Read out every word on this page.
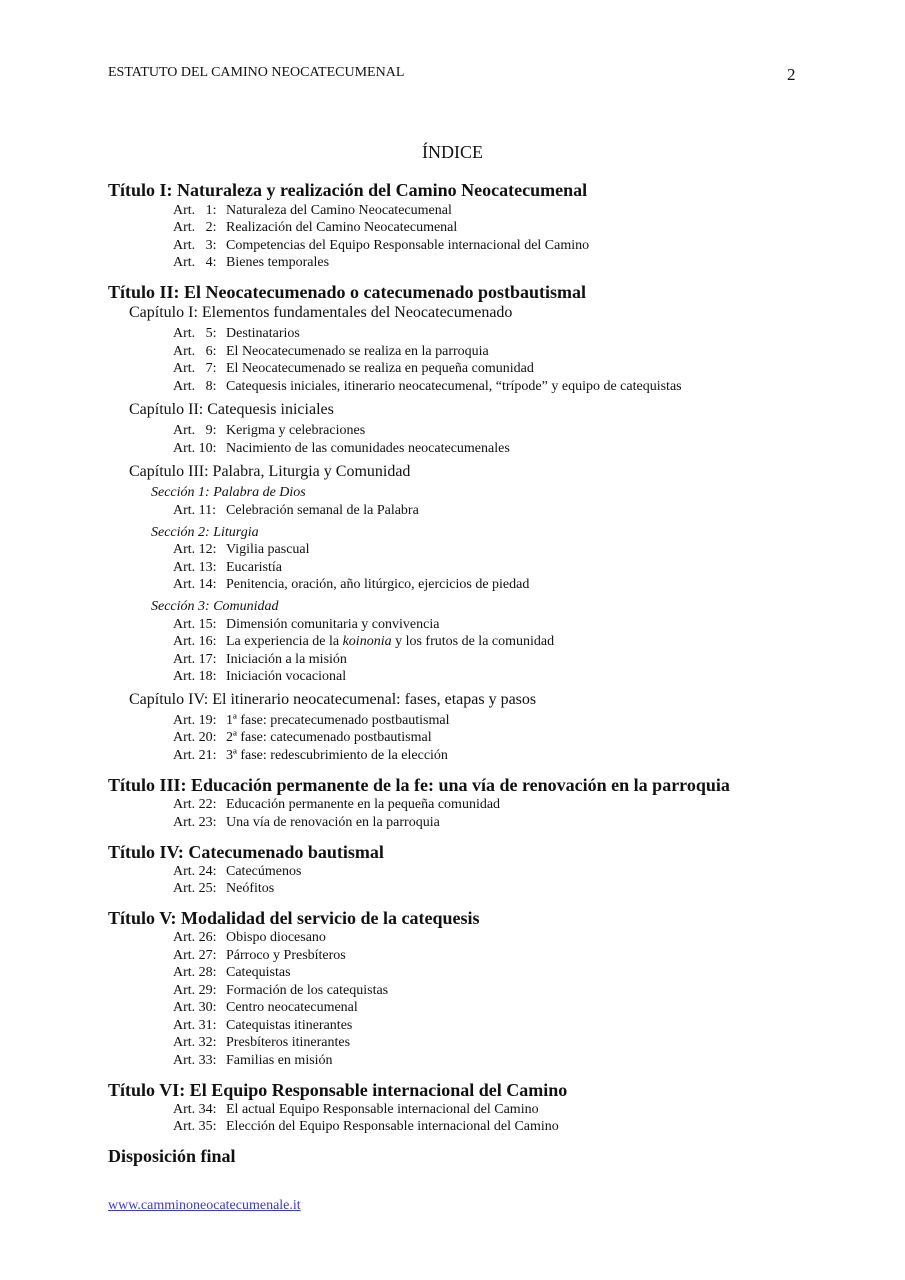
ESTATUTO DEL CAMINO NEOCATECUMENAL	2
ÍNDICE
Título I: Naturaleza y realización del Camino Neocatecumenal
Art.   1: Naturaleza del Camino Neocatecumenal
Art.   2: Realización del Camino Neocatecumenal
Art.   3: Competencias del Equipo Responsable internacional del Camino
Art.   4: Bienes temporales
Título II: El Neocatecumenado o catecumenado postbautismal
Capítulo I: Elementos fundamentales del Neocatecumenado
Art.   5: Destinatarios
Art.   6: El Neocatecumenado se realiza en la parroquia
Art.   7: El Neocatecumenado se realiza en pequeña comunidad
Art.   8: Catequesis iniciales, itinerario neocatecumenal, “trípode” y equipo de catequistas
Capítulo II: Catequesis iniciales
Art.   9: Kerigma y celebraciones
Art. 10: Nacimiento de las comunidades neocatecumenales
Capítulo III: Palabra, Liturgia y Comunidad
Sección 1: Palabra de Dios
Art. 11: Celebración semanal de la Palabra
Sección 2: Liturgia
Art. 12: Vigilia pascual
Art. 13: Eucaristía
Art. 14: Penitencia, oración, año litúrgico, ejercicios de piedad
Sección 3: Comunidad
Art. 15: Dimensión comunitaria y convivencia
Art. 16: La experiencia de la koinonia y los frutos de la comunidad
Art. 17: Iniciación a la misión
Art. 18: Iniciación vocacional
Capítulo IV: El itinerario neocatecumenal: fases, etapas y pasos
Art. 19: 1ª fase: precatecumenado postbautismal
Art. 20: 2ª fase: catecumenado postbautismal
Art. 21: 3ª fase: redescubrimiento de la elección
Título III: Educación permanente de la fe: una vía de renovación en la parroquia
Art. 22: Educación permanente en la pequeña comunidad
Art. 23: Una vía de renovación en la parroquia
Título IV: Catecumenado bautismal
Art. 24: Catecúmenos
Art. 25: Neófitos
Título V: Modalidad del servicio de la catequesis
Art. 26: Obispo diocesano
Art. 27: Párroco y Presbíteros
Art. 28: Catequistas
Art. 29: Formación de los catequistas
Art. 30: Centro neocatecumenal
Art. 31: Catequistas itinerantes
Art. 32: Presbíteros itinerantes
Art. 33: Familias en misión
Título VI: El Equipo Responsable internacional del Camino
Art. 34: El actual Equipo Responsable internacional del Camino
Art. 35: Elección del Equipo Responsable internacional del Camino
Disposición final
www.camminoneocatecumenale.it
